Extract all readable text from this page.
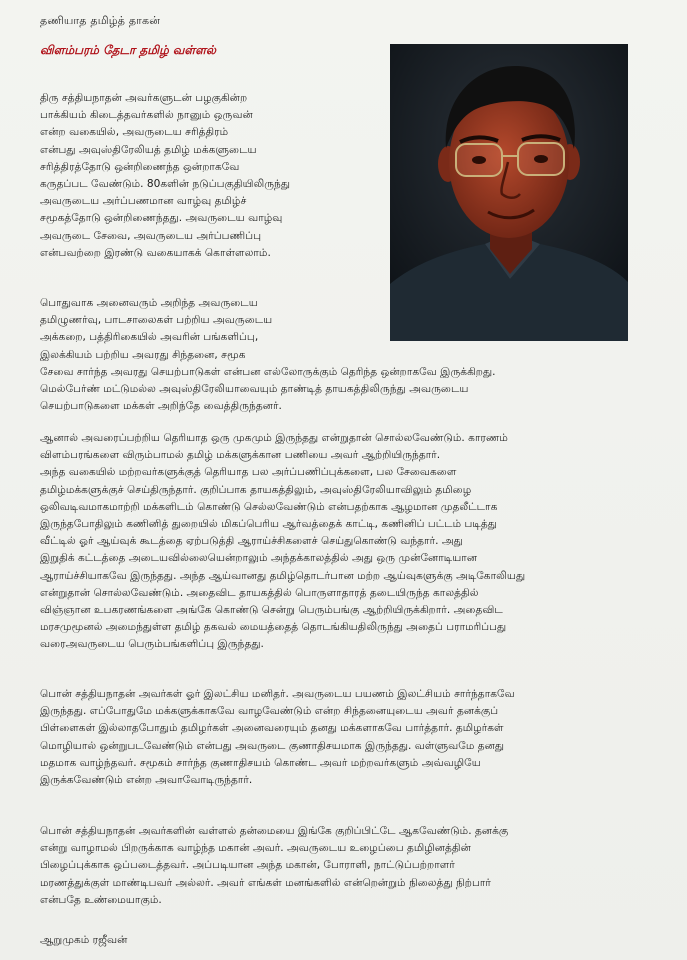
தணியாத தமிழ்த் தாகன்
விளம்பரம் தேடா தமிழ் வள்ளல்
திரு சத்தியநாதன் அவர்களுடன் பழகுகின்ற
பாக்கியம் கிடைத்தவர்களில் நானும் ஒருவன்
என்ற வகையில், அவருடைய சரித்திரம்
என்பது அவுஸ்திரேலியத் தமிழ் மக்களுடைய
சரித்திரத்தோடு ஒன்றிணைந்த ஒன்றாகவே
கருதப்பட வேண்டும். 80களின் நடுப்பகுதியிலிருந்து
அவருடைய அர்ப்பணமான வாழ்வு தமிழ்ச்
சமூகத்தோடு ஒன்றிணைந்தது. அவருடைய வாழ்வு
அவருடை சேவை, அவருடைய அர்ப்பணிப்பு
என்பவற்றை இரண்டு வகையாகக் கொள்ளலாம்.
பொதுவாக அனைவரும் அறிந்த அவருடைய
தமிழுணர்வு, பாடசாலைகள் பற்றிய அவருடைய
அக்கறை, பத்திரிகையில் அவரின் பங்களிப்பு,
இலக்கியம் பற்றிய அவரது சிந்தனை, சமூக
சேவை சார்ந்த அவரது செயற்பாடுகள் என்பன எல்லோருக்கும் தெரிந்த ஒன்றாகவே இருக்கிறது.
மெல்பேர்ண் மட்டுமல்ல அவுஸ்திரேலியாவையும் தாண்டித் தாயகத்திலிருந்து அவருடைய
செயற்பாடுகளை மக்கள் அறிந்தே வைத்திருந்தனர்.
ஆனால் அவரைப்பற்றிய தெரியாத ஒரு முகமும் இருந்தது என்றுதான் சொல்லவேண்டும். காரணம்
விளம்பரங்களை விரும்பாமல் தமிழ் மக்களுக்கான பணியை அவர் ஆற்றியிருந்தார்.
அந்த வகையில் மற்றவர்களுக்குத் தெரியாத பல அர்ப்பணிப்புக்களை, பல சேவைகளை
தமிழ்மக்களுக்குச் செய்திருந்தார். குறிப்பாக தாயகத்திலும், அவுஸ்திரேலியாவிலும் தமிழை
ஒலிவடிவமாகமாற்றி மக்களிடம் கொண்டு செல்லவேண்டும் என்பதற்காக ஆழமான முதலீட்டாக
இருந்தபோதிலும் கணினித் துறையில் மிகப்பெரிய ஆர்வத்தைக் காட்டி, கணினிப் பட்டம் படித்து
வீட்டில் ஓர் ஆய்வுக் கூடத்தை ஏற்படுத்தி ஆராய்ச்சிகளைச் செய்துகொண்டு வந்தார். அது
இறுதிக் கட்டத்தை அடையவில்லையென்றாலும் அந்தக்காலத்தில் அது ஒரு முன்னோடியான
ஆராய்ச்சியாகவே இருந்தது. அந்த ஆய்வானது தமிழ்தொடர்பான மற்ற ஆய்வுகளுக்கு அடிகோலியது
என்றுதான் சொல்லவேண்டும். அதைவிட தாயகத்தில் பொருளாதாரத் தடையிருந்த காலத்தில்
விஞ்ஞான உபகரணங்களை அங்கே கொண்டு சென்று பெரும்பங்கு ஆற்றியிருக்கிறார். அதைவிட
மரசமுமூனல் அமைந்துள்ள தமிழ் தகவல் மையத்தைத் தொடங்கியதிலிருந்து அதைப் பராமரிப்பது
வரைஅவருடைய பெரும்பங்களிப்பு இருந்தது.
பொன் சத்தியநாதன் அவர்கள் ஓர் இலட்சிய மனிதர். அவருடைய பயணம் இலட்சியம் சார்ந்தாகவே
இருந்தது. எப்போதுமே மக்களுக்காகவே வாழவேண்டும் என்ற சிந்தனையுடைய அவர் தனக்குப்
பிள்ளைகள் இல்லாதபோதும் தமிழர்கள் அனைவரையும் தனது மக்களாகவே பார்த்தார். தமிழர்கள்
மொழியால் ஒன்றுபடவேண்டும் என்பது அவருடை குணாதிசயமாக இருந்தது. வள்ளுவமே தனது
மதமாக வாழ்ந்தவர். சமூகம் சார்ந்த குணாதிசயம் கொண்ட அவர் மற்றவர்களும் அவ்வழியே
இருக்கவேண்டும் என்ற அவாவோடிருந்தார்.
பொன் சத்தியநாதன் அவர்களின் வள்ளல் தன்மையை இங்கே குறிப்பிட்டே ஆகவேண்டும். தனக்கு
என்று வாழாமல் பிறருக்காக வாழ்ந்த மகான் அவர். அவருடைய உழைப்பை தமிழினத்தின்
பிழைப்புக்காக ஒப்படைத்தவர். அப்படியான அந்த மகான், போராளி, நாட்டுப்பற்றாளர்
மரணத்துக்குள் மாண்டிபவர் அல்லர். அவர் எங்கள் மனங்களில் என்றென்றும் நிலைத்து நிற்பார்
என்பதே உண்மையாகும்.
ஆறுமுகம் ரஜீவன்
